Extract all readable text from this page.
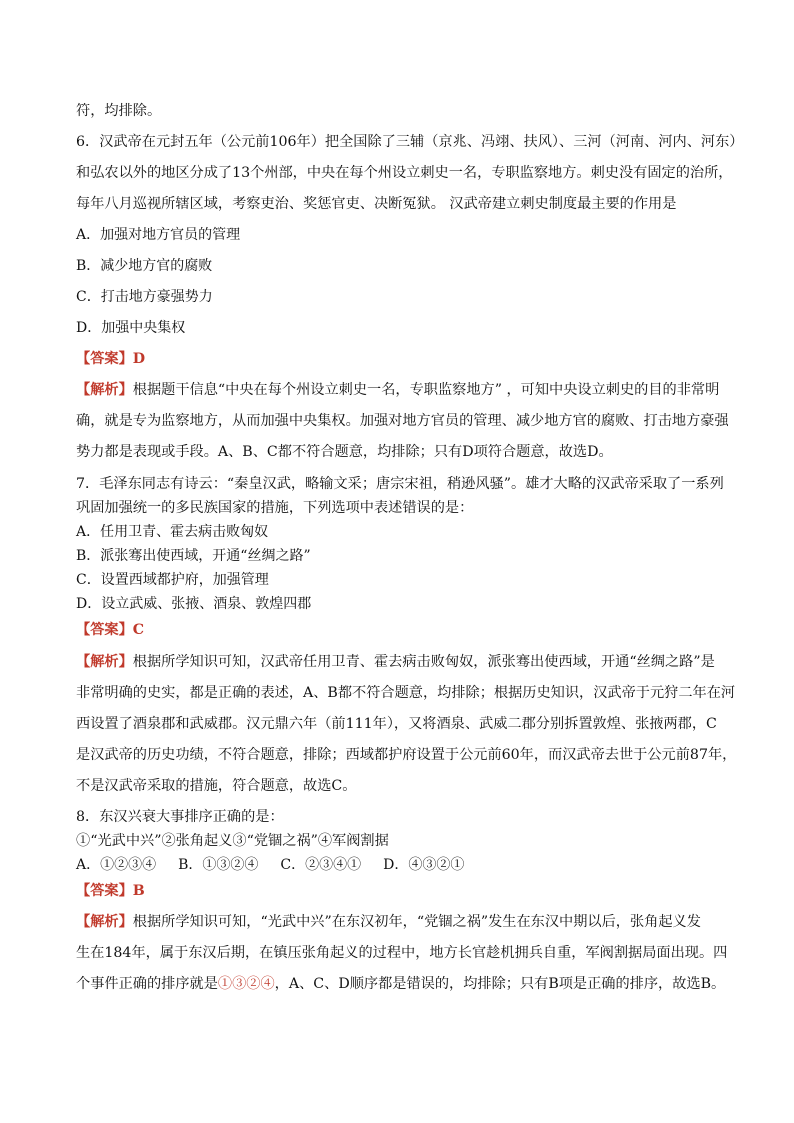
符，均排除。

6．汉武帝在元封五年（公元前106年）把全国除了三辅（京兆、冯翊、扶风）、三河（河南、河内、河东）

和弘农以外的地区分成了13个州部，中央在每个州设立刺史一名，专职监察地方。刺史没有固定的治所，

每年八月巡视所辖区域，考察吏治、奖惩官吏、决断冤狱。 汉武帝建立刺史制度最主要的作用是

A．加强对地方官员的管理

B．减少地方官的腐败

C．打击地方豪强势力

D．加强中央集权

【答案】D

【解析】根据题干信息“中央在每个州设立刺史一名，专职监察地方” ，可知中央设立刺史的目的非常明

确，就是专为监察地方，从而加强中央集权。加强对地方官员的管理、减少地方官的腐败、打击地方豪强

势力都是表现或手段。A、B、C都不符合题意，均排除；只有D项符合题意，故选D。

7．毛泽东同志有诗云：“秦皇汉武，略输文采；唐宗宋祖，稍逊风骚”。雄才大略的汉武帝采取了一系列

巩固加强统一的多民族国家的措施，下列选项中表述错误的是：

A．任用卫青、霍去病击败匈奴

B．派张骞出使西域，开通“丝绸之路”

C．设置西域都护府，加强管理

D．设立武威、张掖、酒泉、敦煌四郡

【答案】C

【解析】根据所学知识可知，汉武帝任用卫青、霍去病击败匈奴，派张骞出使西域，开通“丝绸之路”是

非常明确的史实，都是正确的表述，A、B都不符合题意，均排除；根据历史知识，汉武帝于元狩二年在河

西设置了酒泉郡和武威郡。汉元鼎六年（前111年），又将酒泉、武威二郡分别拆置敦煌、张掖两郡，C

是汉武帝的历史功绩，不符合题意，排除；西域都护府设置于公元前60年，而汉武帝去世于公元前87年，

不是汉武帝采取的措施，符合题意，故选C。

8．东汉兴衰大事排序正确的是：

①“光武中兴”②张角起义③“党锢之祸”④军阀割据

A．①②③④ B．①③②④ C．②③④① D．④③②①

【答案】B

【解析】根据所学知识可知，“光武中兴”在东汉初年，“党锢之祸”发生在东汉中期以后，张角起义发

生在184年，属于东汉后期，在镇压张角起义的过程中，地方长官趁机拥兵自重，军阀割据局面出现。四

个事件正确的排序就是①③②④，A、C、D顺序都是错误的，均排除；只有B项是正确的排序，故选B。
